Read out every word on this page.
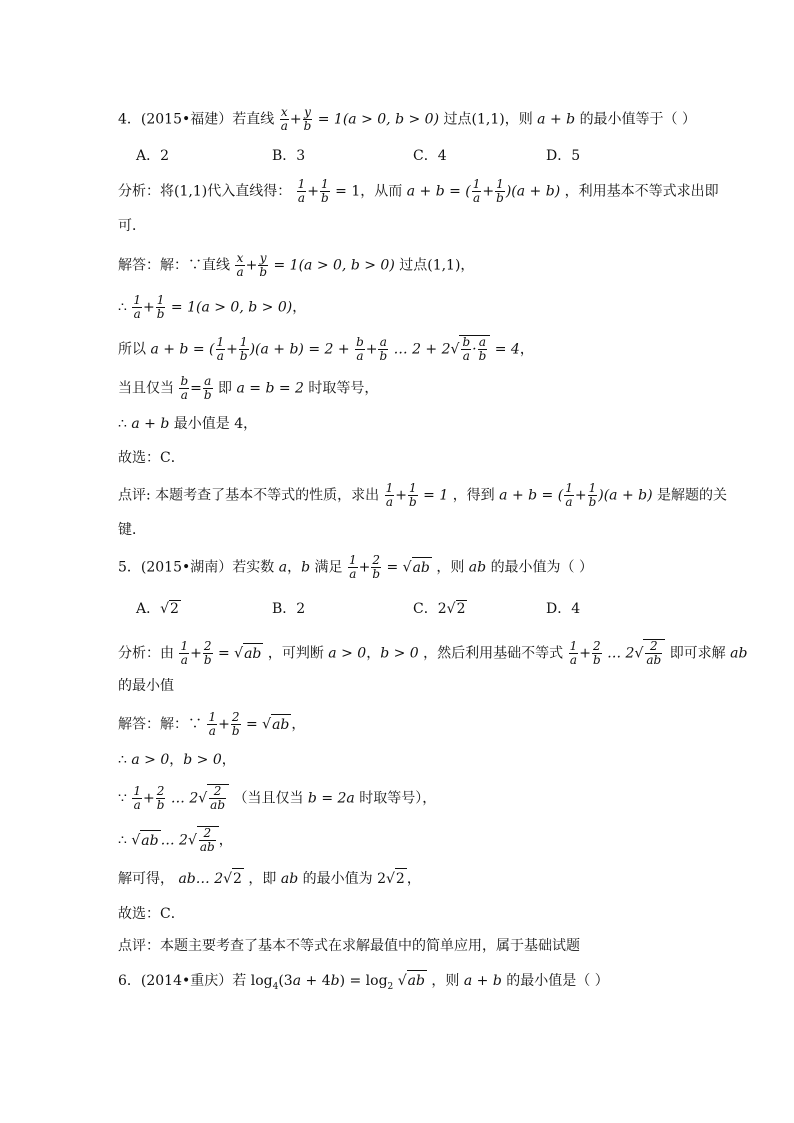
4．(2015•福建）若直线 $\frac{x}{a} + \frac{y}{b} = 1(a > 0$, b > 0) 过点(1,1)，则 a + b 的最小值等于（ ）
A．2	B．3	C．4	D．5
分析：将(1,1)代入直线得： $\frac{1}{a} + \frac{1}{b} = 1$，从而 a + b = ( $\frac{1}{a} + \frac{1}{b} )(a + b)$ ，利用基本不等式求出即
可．
解答：解：∵直线 $\frac{x}{a} + \frac{y}{b} = 1(a > 0$, b > 0) 过点(1,1)，
∴ $\frac{1}{a} + \frac{1}{b} = 1(a > 0$, b > 0)，
所以 a + b = ( $\frac{1}{a} + \frac{1}{b} )(a + b) = 2 + \frac{b}{a} + \frac{a}{b}$ … $2 + 2√ \frac{b}{a} \cdot \frac{a}{b} = 4$，
当且仅当 $\frac{b}{a} = \frac{a}{b}$ 即 a = b = 2 时取等号，
∴ a + b 最小值是 4，
故选：C．
点评: 本题考查了基本不等式的性质，求出 $\frac{1}{a} + \frac{1}{b} = 1$ ，得到 a + b = ( $\frac{1}{a} + \frac{1}{b} )(a + b)$ 是解题的关
键．
5．(2015•湖南）若实数 a，b 满足 $\frac{1}{a} + \frac{2}{b} = √ab$ ，则 ab 的最小值为（ ）
A．√2	B．2	C．2√2	D．4
分析：由 $\frac{1}{a} + \frac{2}{b} = √ab$ ，可判断 a > 0，b > 0 ，然后利用基础不等式 $\frac{1}{a} + \frac{2}{b}$ … $2√ \frac{2}{ab}$ 即可求解 ab
的最小值
解答：解：∵ $\frac{1}{a} + \frac{2}{b} = √ab$ ，
∴ a > 0，b > 0，
∵ $\frac{1}{a} + \frac{2}{b}$ … $2√ \frac{2}{ab}$ （当且仅当 b = 2a 时取等号），
∴ √ab … $2√ \frac{2}{ab}$ ，
解可得， ab… 2√2 ，即 ab 的最小值为 2√2 ，
故选：C．
点评：本题主要考查了基本不等式在求解最值中的简单应用，属于基础试题
6．(2014•重庆）若 $\log_4(3a + 4b) = \log_2 √ab$ ，则 a + b 的最小值是（ ）
